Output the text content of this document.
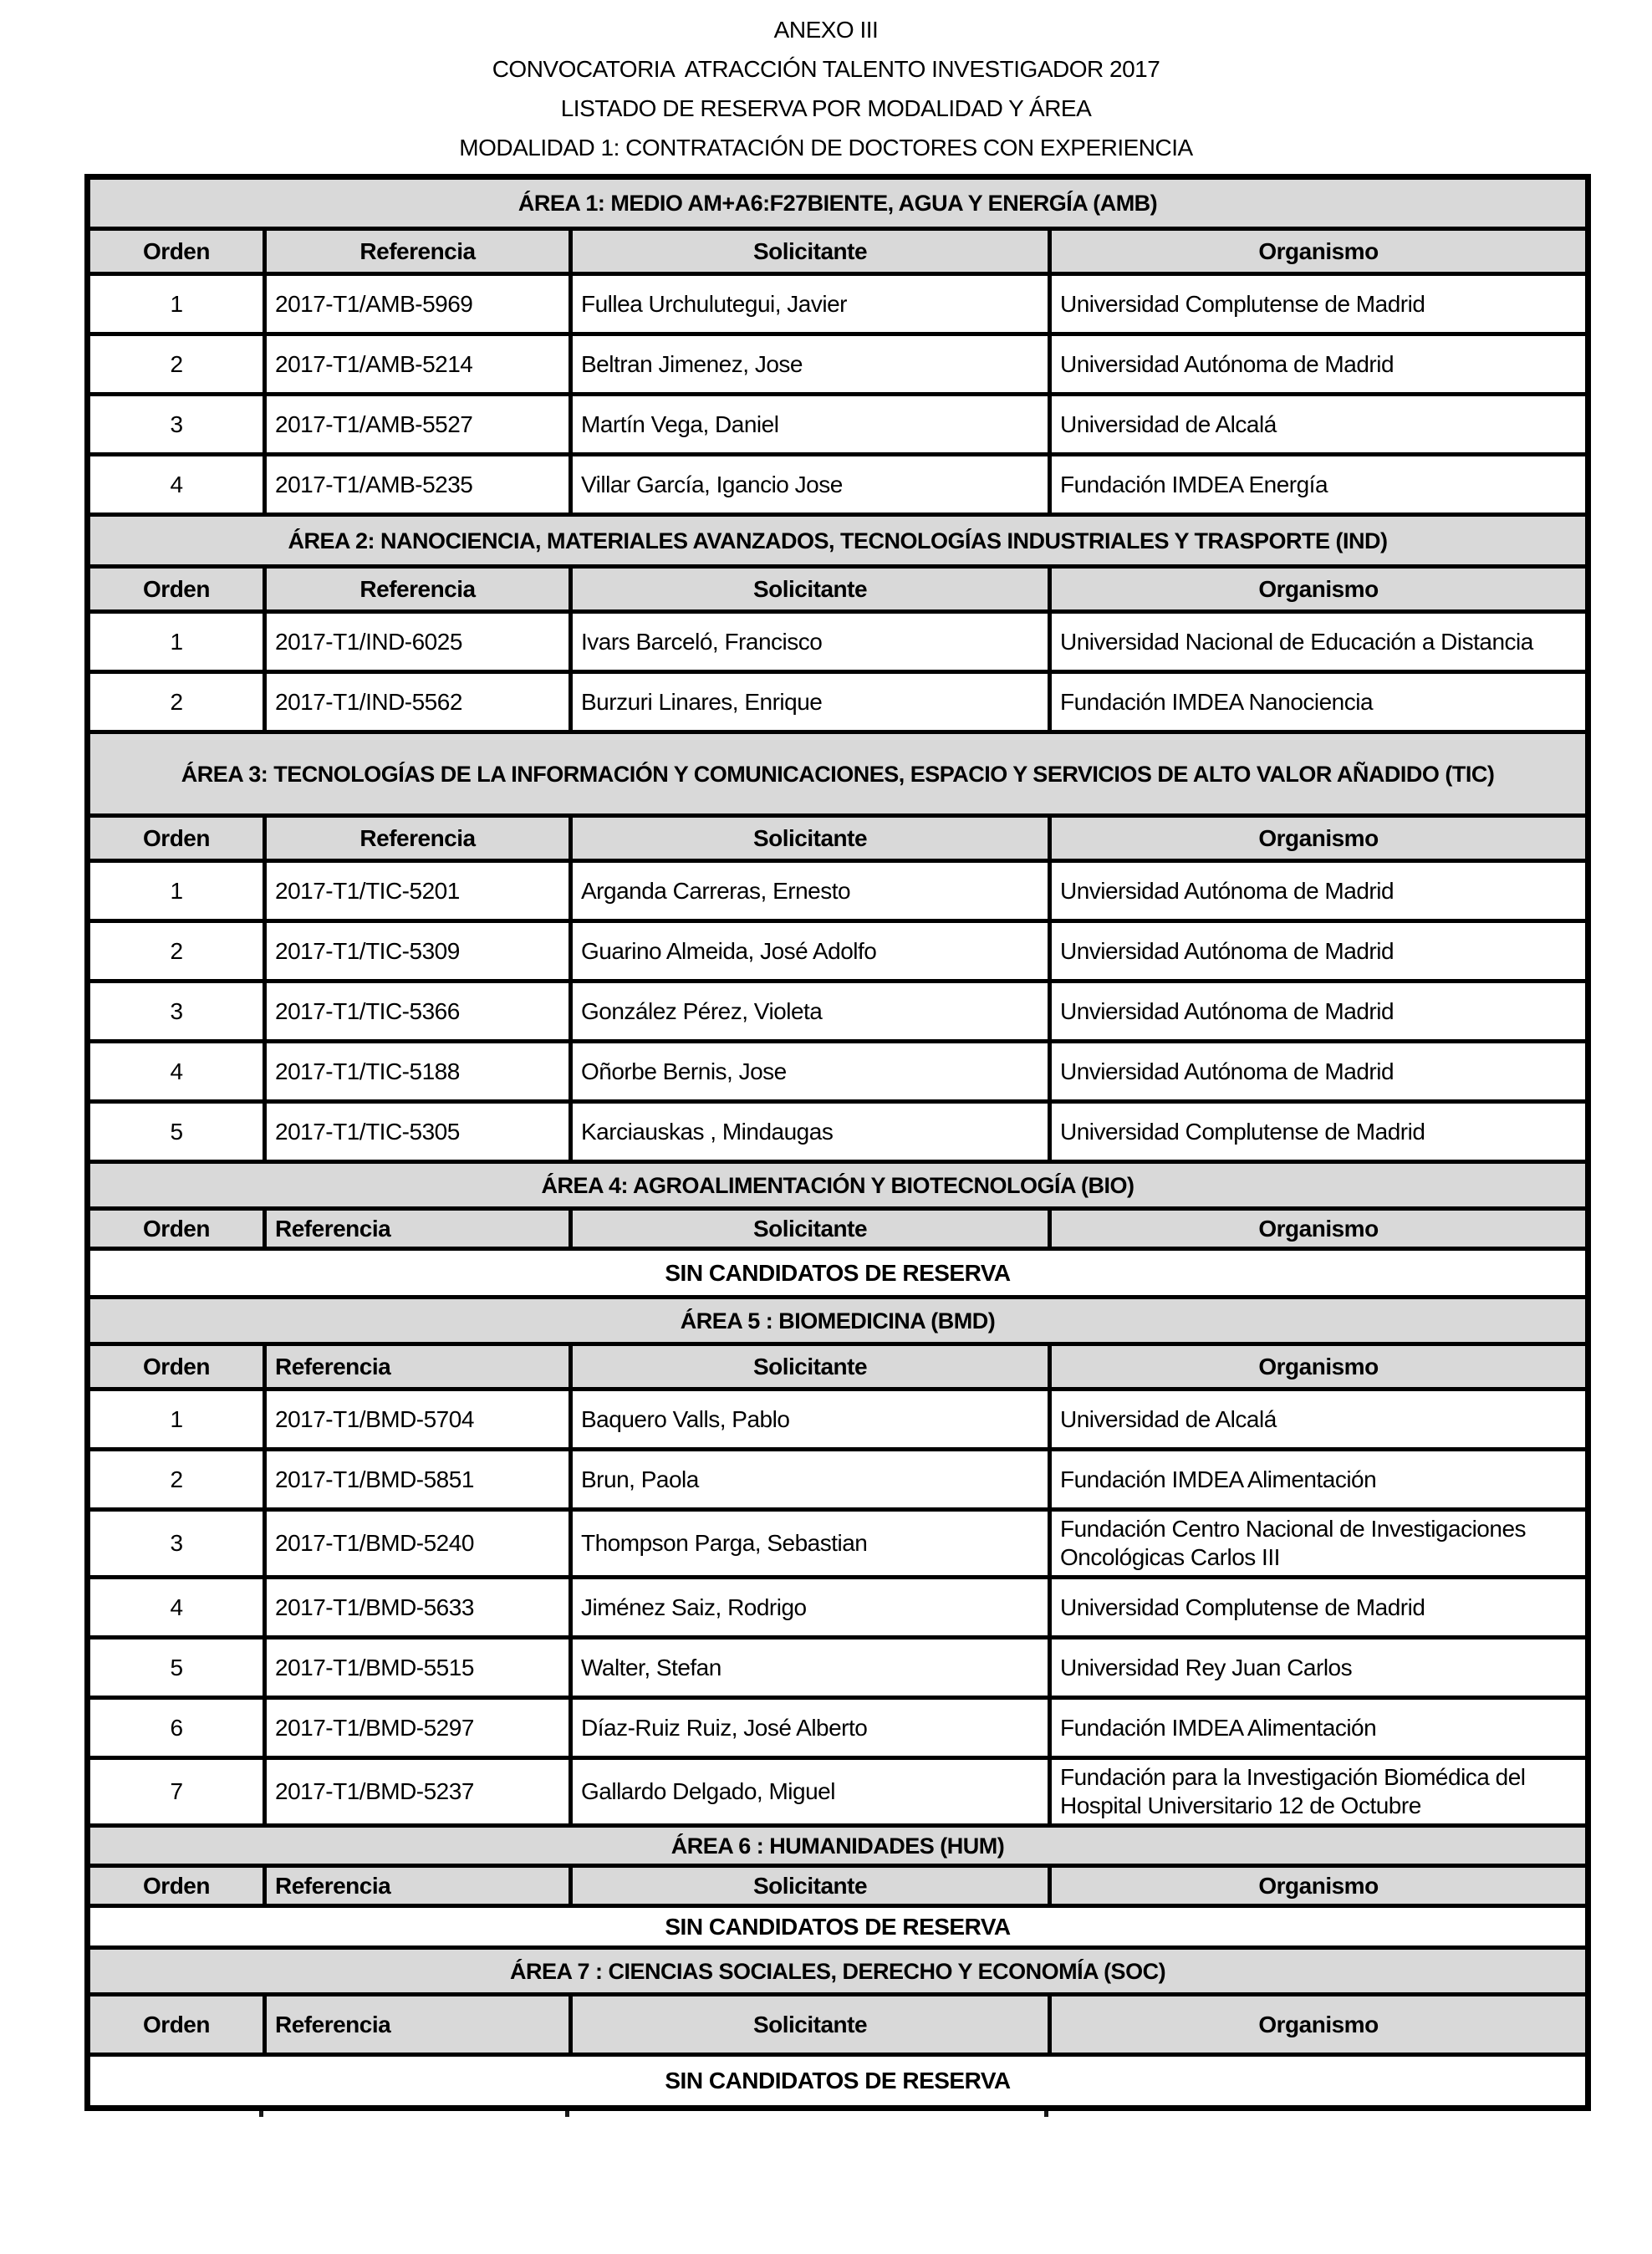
ANEXO III
CONVOCATORIA  ATRACCIÓN TALENTO INVESTIGADOR 2017
LISTADO DE RESERVA POR MODALIDAD Y ÁREA
MODALIDAD 1: CONTRATACIÓN DE DOCTORES CON EXPERIENCIA
ÁREA 1: MEDIO AM+A6:F27BIENTE, AGUA Y ENERGÍA (AMB)			
Orden	Referencia	Solicitante	Organismo
1	2017-T1/AMB-5969	Fullea Urchulutegui, Javier	Universidad Complutense de Madrid
2	2017-T1/AMB-5214	Beltran Jimenez, Jose	Universidad Autónoma de Madrid
3	2017-T1/AMB-5527	Martín Vega, Daniel	Universidad de Alcalá
4	2017-T1/AMB-5235	Villar García, Igancio Jose	Fundación IMDEA Energía
ÁREA 2: NANOCIENCIA, MATERIALES AVANZADOS, TECNOLOGÍAS INDUSTRIALES Y TRASPORTE (IND)			
Orden	Referencia	Solicitante	Organismo
1	2017-T1/IND-6025	Ivars Barceló, Francisco	Universidad Nacional de Educación a Distancia
2	2017-T1/IND-5562	Burzuri Linares, Enrique	Fundación IMDEA Nanociencia
ÁREA 3: TECNOLOGÍAS DE LA INFORMACIÓN Y COMUNICACIONES, ESPACIO Y SERVICIOS DE ALTO VALOR AÑADIDO (TIC)			
Orden	Referencia	Solicitante	Organismo
1	2017-T1/TIC-5201	Arganda Carreras, Ernesto	Unviersidad Autónoma de Madrid
2	2017-T1/TIC-5309	Guarino Almeida, José Adolfo	Unviersidad Autónoma de Madrid
3	2017-T1/TIC-5366	González Pérez, Violeta	Unviersidad Autónoma de Madrid
4	2017-T1/TIC-5188	Oñorbe Bernis, Jose	Unviersidad Autónoma de Madrid
5	2017-T1/TIC-5305	Karciauskas , Mindaugas	Universidad Complutense de Madrid
ÁREA 4: AGROALIMENTACIÓN Y BIOTECNOLOGÍA (BIO)			
Orden	Referencia	Solicitante	Organismo
SIN CANDIDATOS DE RESERVA			
ÁREA 5 : BIOMEDICINA (BMD)			
Orden	Referencia	Solicitante	Organismo
1	2017-T1/BMD-5704	Baquero Valls, Pablo	Universidad de Alcalá
2	2017-T1/BMD-5851	Brun, Paola	Fundación IMDEA Alimentación
3	2017-T1/BMD-5240	Thompson Parga, Sebastian	Fundación Centro Nacional de Investigaciones Oncológicas Carlos III
4	2017-T1/BMD-5633	Jiménez Saiz, Rodrigo	Universidad Complutense de Madrid
5	2017-T1/BMD-5515	Walter, Stefan	Universidad Rey Juan Carlos
6	2017-T1/BMD-5297	Díaz-Ruiz Ruiz, José Alberto	Fundación IMDEA Alimentación
7	2017-T1/BMD-5237	Gallardo Delgado, Miguel	Fundación para la Investigación Biomédica del Hospital Universitario 12 de Octubre
ÁREA 6 : HUMANIDADES (HUM)			
Orden	Referencia	Solicitante	Organismo
SIN CANDIDATOS DE RESERVA			
ÁREA 7 : CIENCIAS SOCIALES, DERECHO Y ECONOMÍA (SOC)			
Orden	Referencia	Solicitante	Organismo
SIN CANDIDATOS DE RESERVA			
